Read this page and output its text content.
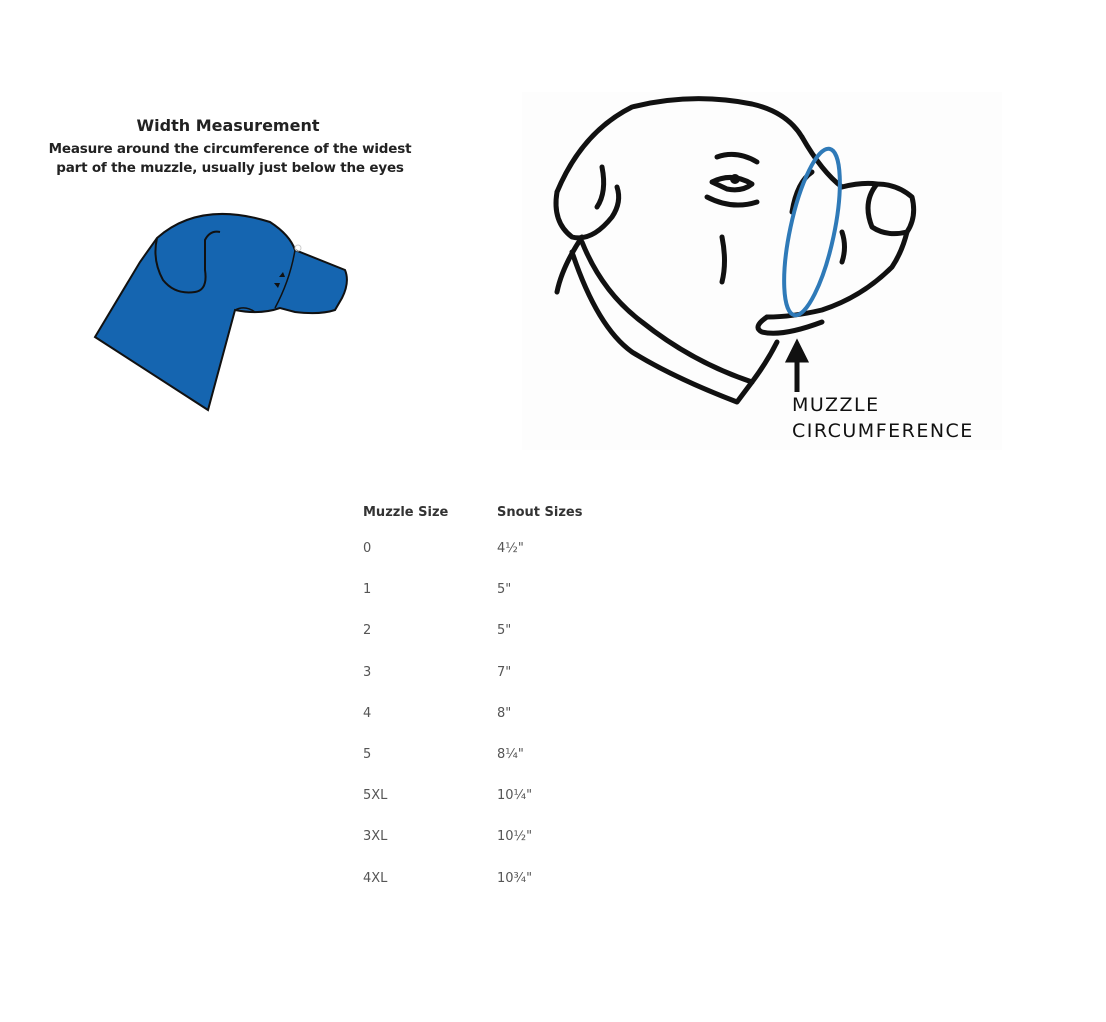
Width Measurement
Measure around the circumference of the widest part of the muzzle, usually just below the eyes
MUZZLE
CIRCUMFERENCE
Muzzle Size	Snout Sizes
0	4½"
1	5"
2	5"
3	7"
4	8"
5	8¼"
5XL	10¼"
3XL	10½"
4XL	10¾"
